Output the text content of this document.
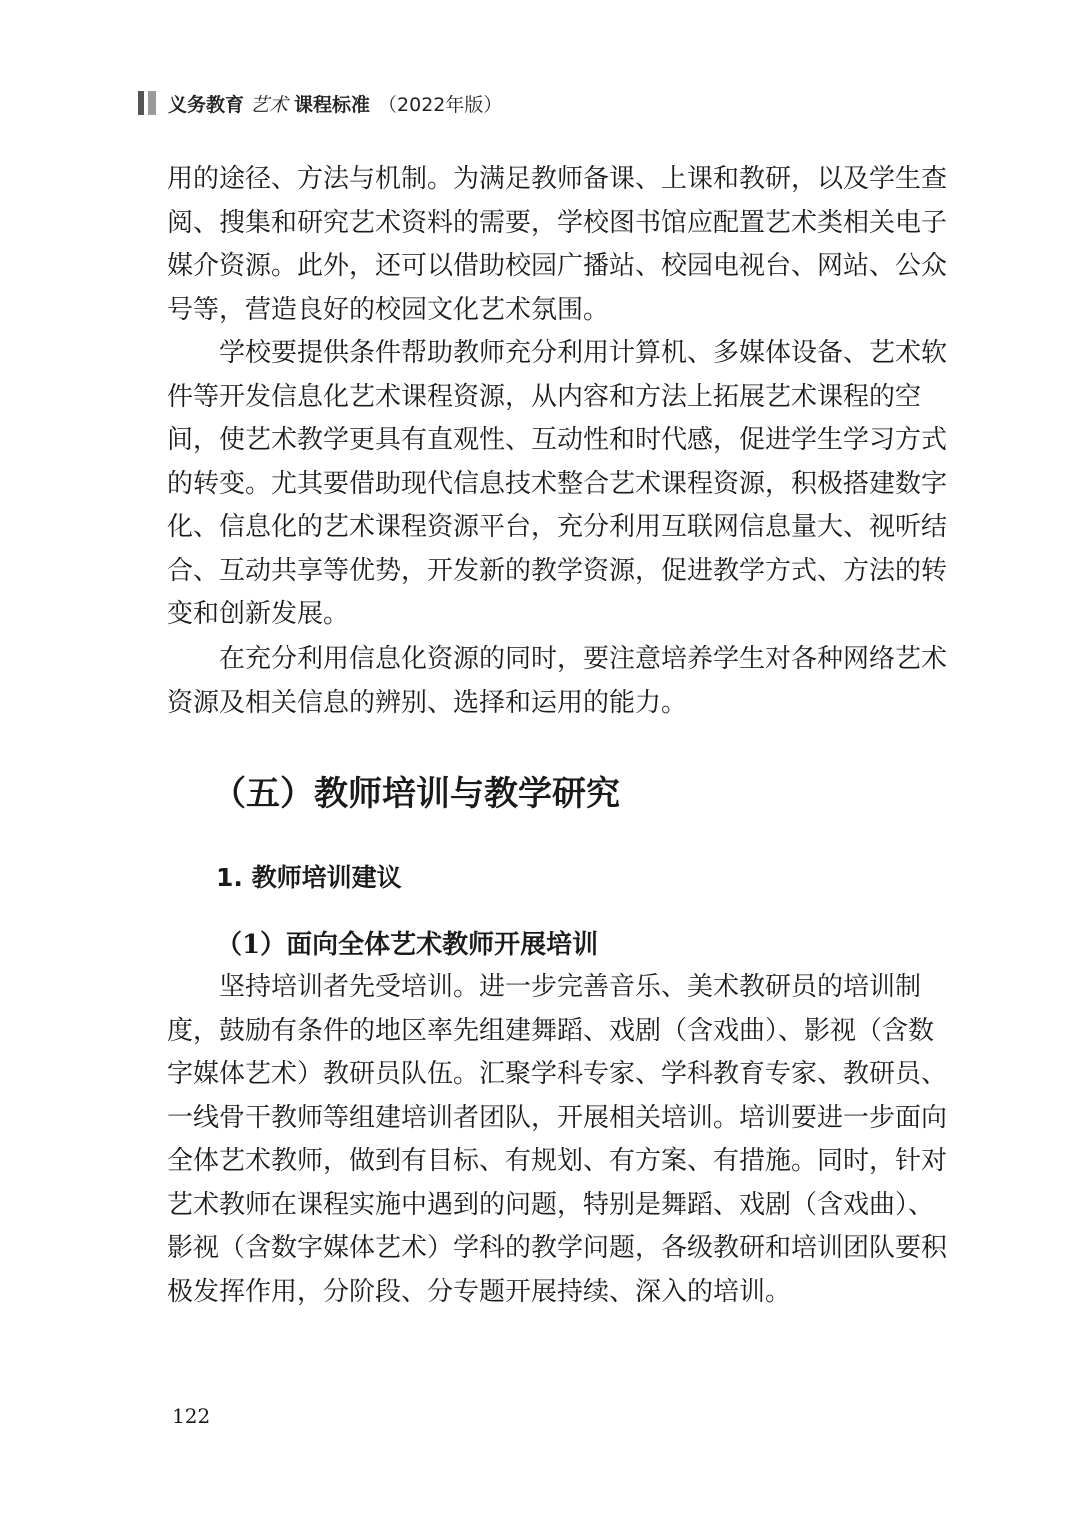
义务教育 艺术 课程标准 （2022年版）
用的途径、方法与机制。为满足教师备课、上课和教研，以及学生查
阅、搜集和研究艺术资料的需要，学校图书馆应配置艺术类相关电子
媒介资源。此外，还可以借助校园广播站、校园电视台、网站、公众
号等，营造良好的校园文化艺术氛围。
学校要提供条件帮助教师充分利用计算机、多媒体设备、艺术软
件等开发信息化艺术课程资源，从内容和方法上拓展艺术课程的空
间，使艺术教学更具有直观性、互动性和时代感，促进学生学习方式
的转变。尤其要借助现代信息技术整合艺术课程资源，积极搭建数字
化、信息化的艺术课程资源平台，充分利用互联网信息量大、视听结
合、互动共享等优势，开发新的教学资源，促进教学方式、方法的转
变和创新发展。
在充分利用信息化资源的同时，要注意培养学生对各种网络艺术
资源及相关信息的辨别、选择和运用的能力。
（五）教师培训与教学研究
1. 教师培训建议
（1）面向全体艺术教师开展培训
坚持培训者先受培训。进一步完善音乐、美术教研员的培训制
度，鼓励有条件的地区率先组建舞蹈、戏剧（含戏曲）、影视（含数
字媒体艺术）教研员队伍。汇聚学科专家、学科教育专家、教研员、
一线骨干教师等组建培训者团队，开展相关培训。培训要进一步面向
全体艺术教师，做到有目标、有规划、有方案、有措施。同时，针对
艺术教师在课程实施中遇到的问题，特别是舞蹈、戏剧（含戏曲）、
影视（含数字媒体艺术）学科的教学问题，各级教研和培训团队要积
极发挥作用，分阶段、分专题开展持续、深入的培训。
122
